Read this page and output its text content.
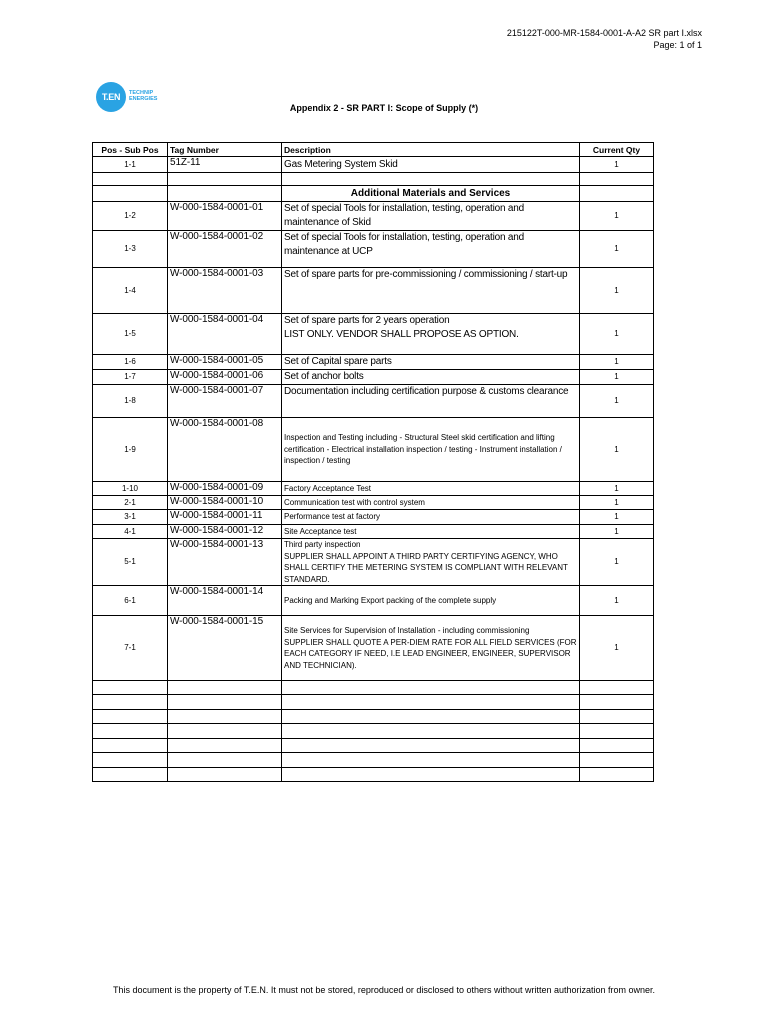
215122T-000-MR-1584-0001-A-A2 SR part I.xlsx
Page: 1 of 1
T.EN	TECHNIP
ENERGIES
Appendix 2 - SR PART I: Scope of Supply (*)
Pos - Sub Pos	Tag Number	Description	Current Qty
1-1	51Z-11	Gas Metering System Skid	1

		Additional Materials and Services	
1-2	W-000-1584-0001-01	Set of special Tools for installation, testing, operation and maintenance of Skid	1
1-3	W-000-1584-0001-02	Set of special Tools for installation, testing, operation and maintenance at UCP	1
1-4	W-000-1584-0001-03	Set of spare parts for pre-commissioning / commissioning / start-up	1
1-5	W-000-1584-0001-04	Set of spare parts for 2 years operation
LIST ONLY. VENDOR SHALL PROPOSE AS OPTION.	1
1-6	W-000-1584-0001-05	Set of Capital spare parts	1
1-7	W-000-1584-0001-06	Set of anchor bolts	1
1-8	W-000-1584-0001-07	Documentation including certification purpose & customs clearance	1
1-9	W-000-1584-0001-08	Inspection and Testing including - Structural Steel skid certification and lifting certification - Electrical installation inspection / testing - Instrument installation / inspection / testing	1
1-10	W-000-1584-0001-09	Factory Acceptance Test	1
2-1	W-000-1584-0001-10	Communication test with control system	1
3-1	W-000-1584-0001-11	Performance test at factory	1
4-1	W-000-1584-0001-12	Site Acceptance test	1
5-1	W-000-1584-0001-13	Third party inspection
SUPPLIER SHALL APPOINT A THIRD PARTY CERTIFYING AGENCY, WHO SHALL CERTIFY THE METERING SYSTEM IS COMPLIANT WITH RELEVANT STANDARD.	1
6-1	W-000-1584-0001-14	Packing and Marking Export packing of the complete supply	1
7-1	W-000-1584-0001-15	Site Services for Supervision of Installation - including commissioning
SUPPLIER SHALL QUOTE A PER-DIEM RATE FOR ALL FIELD SERVICES (FOR EACH CATEGORY IF NEED, I.E LEAD ENGINEER, ENGINEER, SUPERVISOR AND TECHNICIAN).	1

This document is the property of T.E.N. It must not be stored, reproduced or disclosed to others without written authorization from owner.
